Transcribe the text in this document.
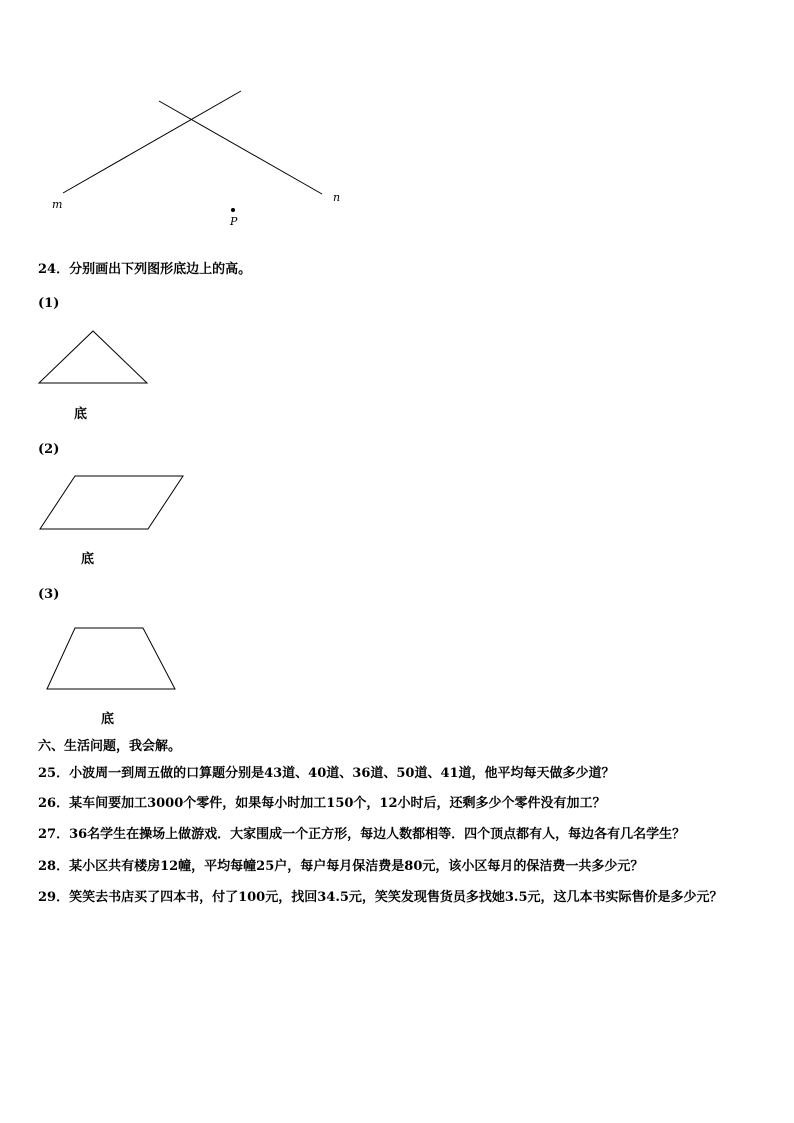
m
n
P
24．分别画出下列图形底边上的高。
(1)
底
(2)
底
(3)
底
六、生活问题，我会解。
25．小波周一到周五做的口算题分别是43道、40道、36道、50道、41道，他平均每天做多少道？
26．某车间要加工3000个零件，如果每小时加工150个，12小时后，还剩多少个零件没有加工？
27．36名学生在操场上做游戏．大家围成一个正方形，每边人数都相等．四个顶点都有人，每边各有几名学生？
28．某小区共有楼房12幢，平均每幢25户，每户每月保洁费是80元，该小区每月的保洁费一共多少元？
29．笑笑去书店买了四本书，付了100元，找回34.5元，笑笑发现售货员多找她3.5元，这几本书实际售价是多少元？
